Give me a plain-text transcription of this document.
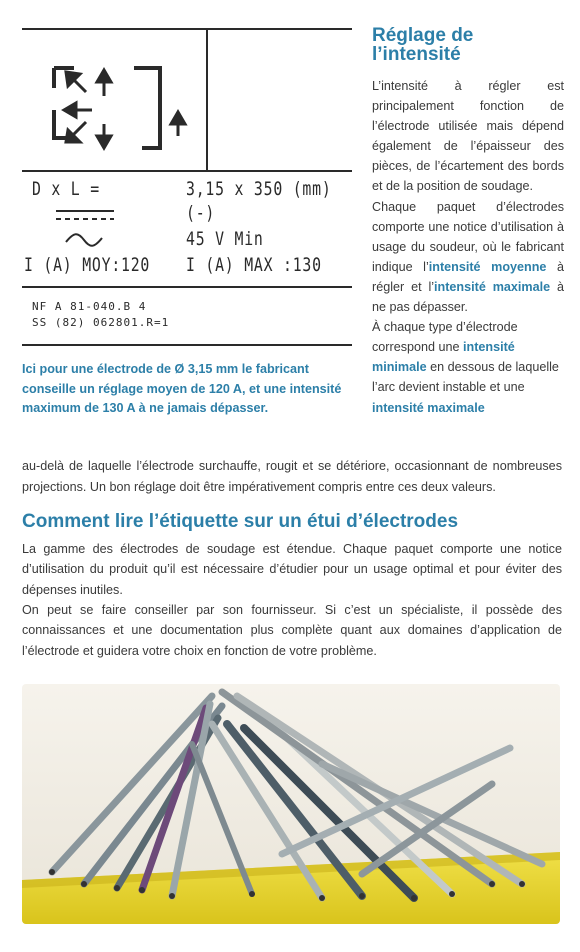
D x L =	3,15 x 350 (mm)
(-)
45 V Min
I (A) MOY:120 I (A) MAX :130
NF A 81-040.B 4
SS (82) 062801.R=1
Ici pour une électrode de Ø 3,15 mm le fabricant conseille un réglage moyen de 120 A, et une intensité maximum de 130 A à ne jamais dépasser.
Réglage de
l’intensité

L’intensité à régler est principalement fonction de l’électrode utilisée mais dépend également de l’épaisseur des pièces, de l’écartement des bords et de la position de soudage.

Chaque paquet d’électrodes comporte une notice d’utilisation à usage du soudeur, où le fabricant indique l’intensité moyenne à régler et l’intensité maximale à ne pas dépasser.

À chaque type d’électrode correspond une intensité minimale en dessous de laquelle l’arc devient instable et une intensité maximale

au-delà de laquelle l’électrode surchauffe, rougit et se détériore, occasionnant de nombreuses projections. Un bon réglage doit être impérativement compris entre ces deux valeurs.
Comment lire l’étiquette sur un étui d’électrodes

La gamme des électrodes de soudage est étendue. Chaque paquet comporte une notice d’utilisation du produit qu’il est nécessaire d’étudier pour un usage optimal et pour éviter des dépenses inutiles.

On peut se faire conseiller par son fournisseur. Si c’est un spécialiste, il possède des connaissances et une documentation plus complète quant aux domaines d’application de l’électrode et guidera votre choix en fonction de votre problème.
